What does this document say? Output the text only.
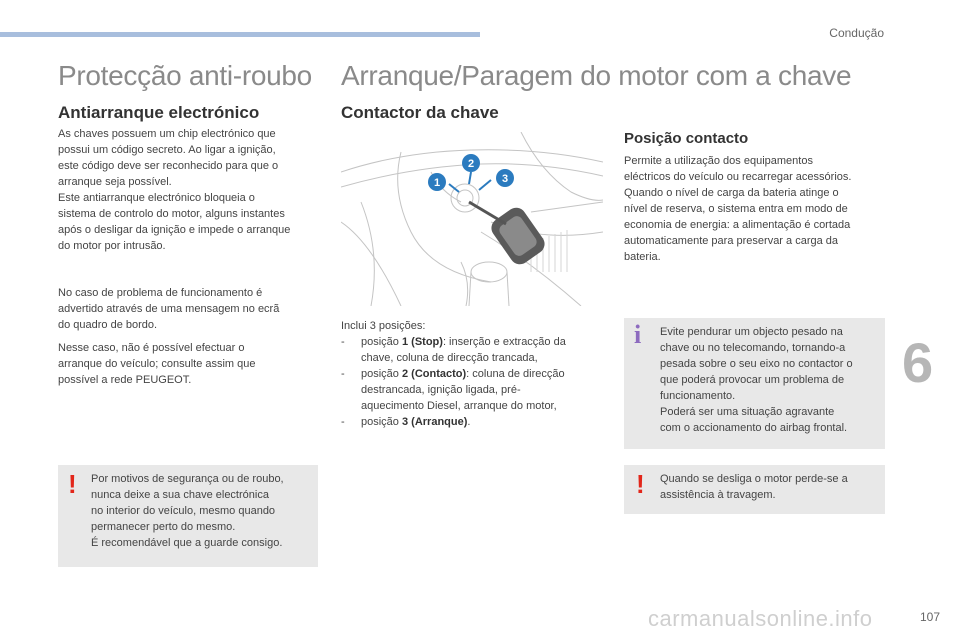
Condução
Protecção anti-roubo
Antiarranque electrónico
As chaves possuem um chip electrónico que
possui um código secreto. Ao ligar a ignição,
este código deve ser reconhecido para que o
arranque seja possível.
Este antiarranque electrónico bloqueia o
sistema de controlo do motor, alguns instantes
após o desligar da ignição e impede o arranque
do motor por intrusão.
No caso de problema de funcionamento é
advertido através de uma mensagem no ecrã
do quadro de bordo.
Nesse caso, não é possível efectuar o
arranque do veículo; consulte assim que
possível a rede PEUGEOT.
! Por motivos de segurança ou de roubo,
nunca deixe a sua chave electrónica
no interior do veículo, mesmo quando
permanecer perto do mesmo.
É recomendável que a guarde consigo.
Arranque/Paragem do motor com a chave
Contactor da chave
1
2
3
Inclui 3 posições:
- posição 1 (Stop): inserção e extracção da
chave, coluna de direcção trancada,
- posição 2 (Contacto): coluna de direcção
destrancada, ignição ligada, pré-
aquecimento Diesel, arranque do motor,
- posição 3 (Arranque).
Posição contacto
Permite a utilização dos equipamentos
eléctricos do veículo ou recarregar acessórios.
Quando o nível de carga da bateria atinge o
nível de reserva, o sistema entra em modo de
economia de energia: a alimentação é cortada
automaticamente para preservar a carga da
bateria.
i Evite pendurar um objecto pesado na
chave ou no telecomando, tornando-a
pesada sobre o seu eixo no contactor o
que poderá provocar um problema de
funcionamento.
Poderá ser uma situação agravante
com o accionamento do airbag frontal.
! Quando se desliga o motor perde-se a
assistência à travagem.
6
carmanualsonline.info	107
